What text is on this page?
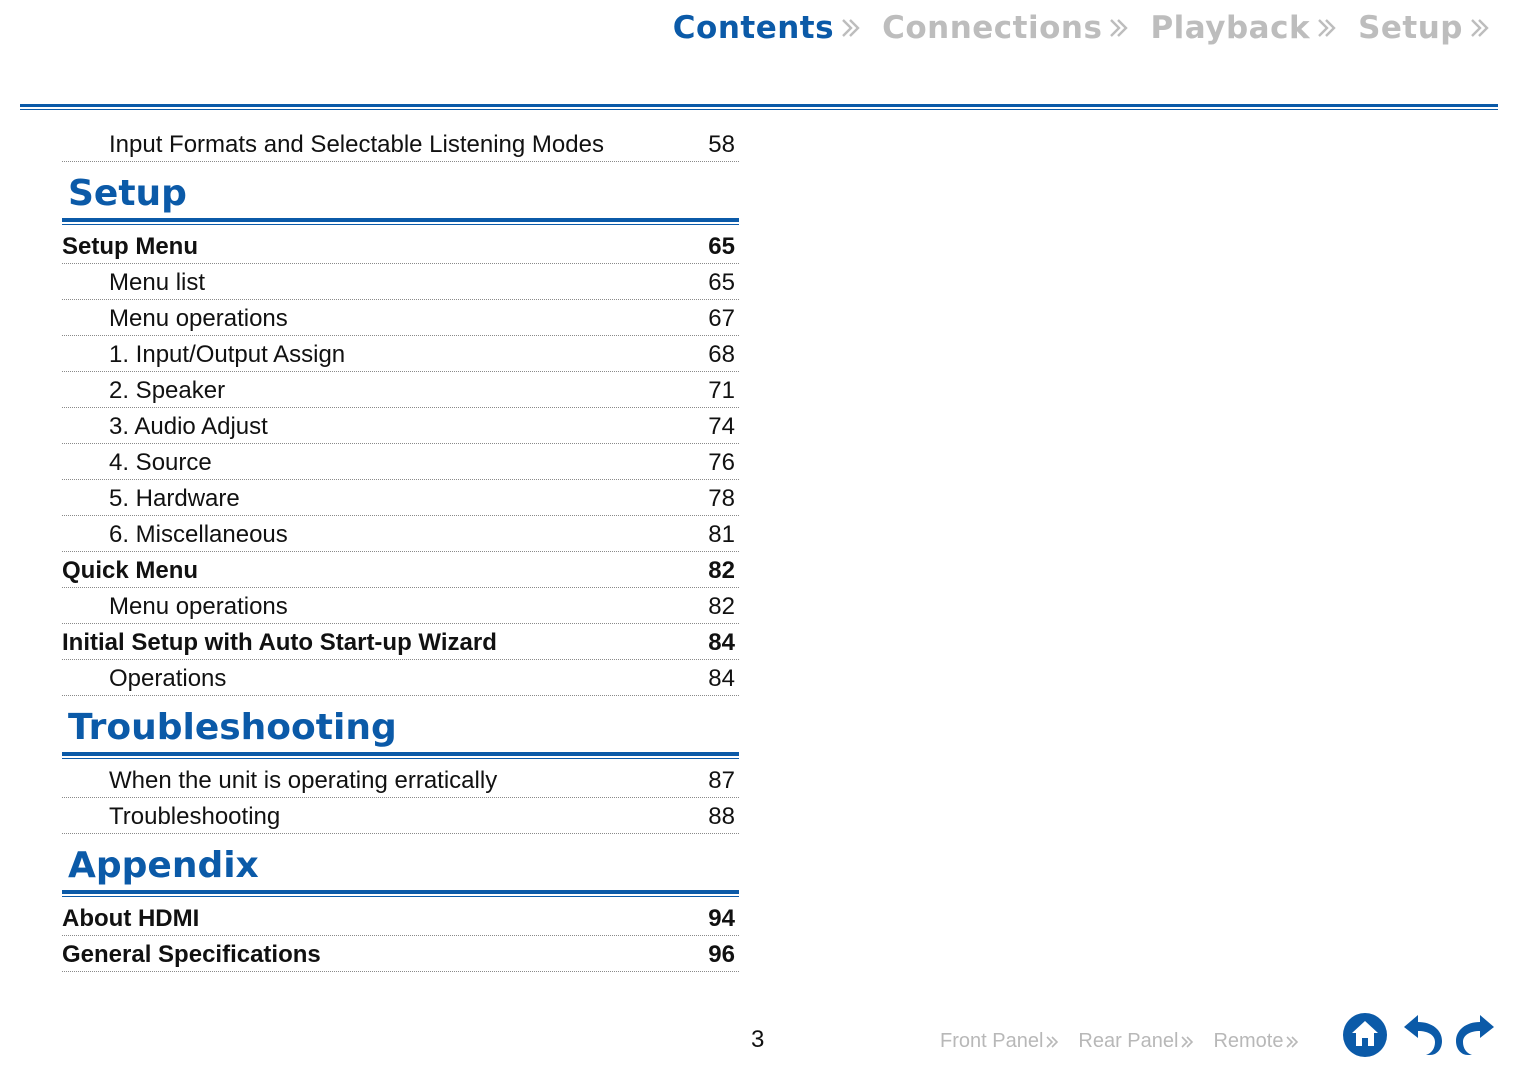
Contents Connections Playback Setup
Input Formats and Selectable Listening Modes	58
Setup
Setup Menu	65
Menu list	65
Menu operations	67
1. Input/Output Assign	68
2. Speaker	71
3. Audio Adjust	74
4. Source	76
5. Hardware	78
6. Miscellaneous	81
Quick Menu	82
Menu operations	82
Initial Setup with Auto Start-up Wizard	84
Operations	84
Troubleshooting
When the unit is operating erratically	87
Troubleshooting	88
Appendix
About HDMI	94
General Specifications	96
3	Front Panel Rear Panel Remote
